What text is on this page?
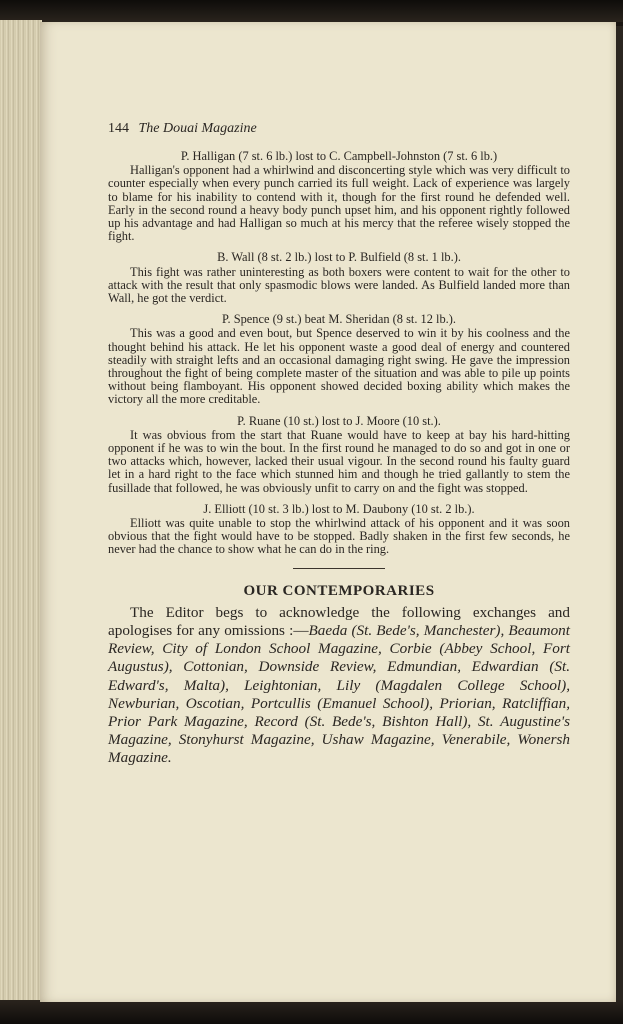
144 The Douai Magazine
P. Halligan (7 st. 6 lb.) lost to C. Campbell-Johnston (7 st. 6 lb.)
Halligan's opponent had a whirlwind and disconcerting style which was very difficult to counter especially when every punch carried its full weight. Lack of experience was largely to blame for his inability to contend with it, though for the first round he defended well. Early in the second round a heavy body punch upset him, and his opponent rightly followed up his advantage and had Halligan so much at his mercy that the referee wisely stopped the fight.
B. Wall (8 st. 2 lb.) lost to P. Bulfield (8 st. 1 lb.).
This fight was rather uninteresting as both boxers were content to wait for the other to attack with the result that only spasmodic blows were landed. As Bulfield landed more than Wall, he got the verdict.
P. Spence (9 st.) beat M. Sheridan (8 st. 12 lb.).
This was a good and even bout, but Spence deserved to win it by his coolness and the thought behind his attack. He let his opponent waste a good deal of energy and countered steadily with straight lefts and an occasional damaging right swing. He gave the impression throughout the fight of being complete master of the situation and was able to pile up points without being flamboyant. His opponent showed decided boxing ability which makes the victory all the more creditable.
P. Ruane (10 st.) lost to J. Moore (10 st.).
It was obvious from the start that Ruane would have to keep at bay his hard-hitting opponent if he was to win the bout. In the first round he managed to do so and got in one or two attacks which, however, lacked their usual vigour. In the second round his faulty guard let in a hard right to the face which stunned him and though he tried gallantly to stem the fusillade that followed, he was obviously unfit to carry on and the fight was stopped.
J. Elliott (10 st. 3 lb.) lost to M. Daubony (10 st. 2 lb.).
Elliott was quite unable to stop the whirlwind attack of his opponent and it was soon obvious that the fight would have to be stopped. Badly shaken in the first few seconds, he never had the chance to show what he can do in the ring.
OUR CONTEMPORARIES

The Editor begs to acknowledge the following exchanges and apologises for any omissions :—Baeda (St. Bede's, Manchester), Beaumont Review, City of London School Magazine, Corbie (Abbey School, Fort Augustus), Cottonian, Downside Review, Edmundian, Edwardian (St. Edward's, Malta), Leightonian, Lily (Magdalen College School), Newburian, Oscotian, Portcullis (Emanuel School), Priorian, Ratcliffian, Prior Park Magazine, Record (St. Bede's, Bishton Hall), St. Augustine's Magazine, Stonyhurst Magazine, Ushaw Magazine, Venerabile, Wonersh Magazine.
